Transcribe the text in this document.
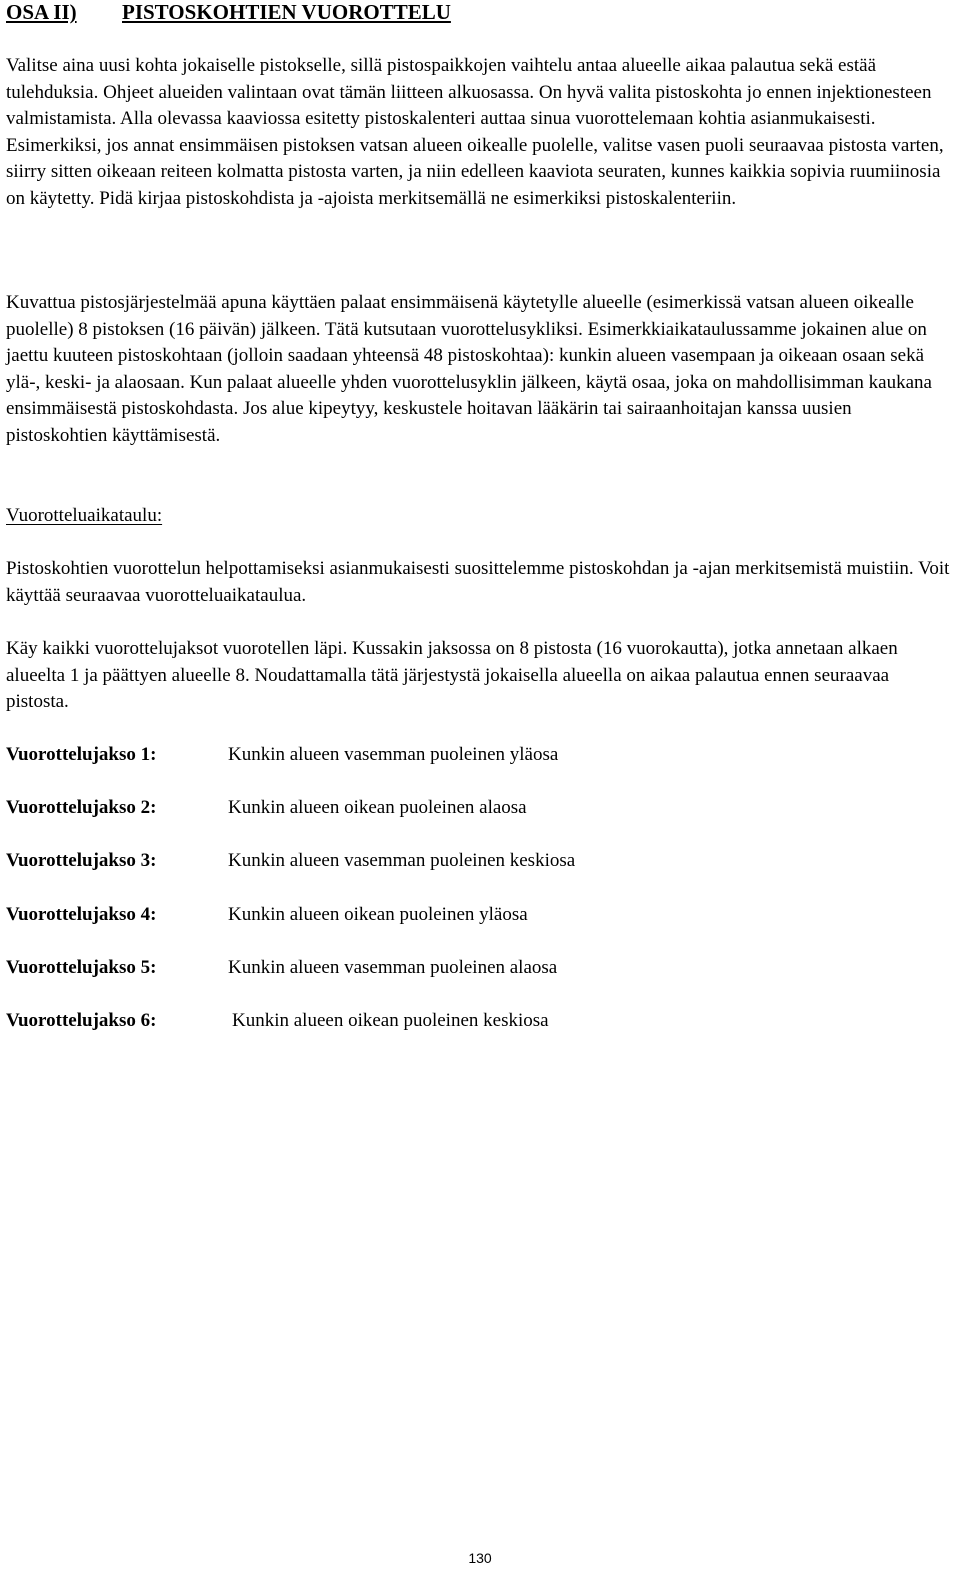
OSA II) PISTOSKOHTIEN VUOROTTELU

Valitse aina uusi kohta jokaiselle pistokselle, sillä pistospaikkojen vaihtelu antaa alueelle aikaa palautua sekä estää tulehduksia. Ohjeet alueiden valintaan ovat tämän liitteen alkuosassa. On hyvä valita pistoskohta jo ennen injektionesteen valmistamista. Alla olevassa kaaviossa esitetty pistoskalenteri auttaa sinua vuorottelemaan kohtia asianmukaisesti. Esimerkiksi, jos annat ensimmäisen pistoksen vatsan alueen oikealle puolelle, valitse vasen puoli seuraavaa pistosta varten, siirry sitten oikeaan reiteen kolmatta pistosta varten, ja niin edelleen kaaviota seuraten, kunnes kaikkia sopivia ruumiinosia on käytetty. Pidä kirjaa pistoskohdista ja -ajoista merkitsemällä ne esimerkiksi pistoskalenteriin.

Kuvattua pistosjärjestelmää apuna käyttäen palaat ensimmäisenä käytetylle alueelle (esimerkissä vatsan alueen oikealle puolelle) 8 pistoksen (16 päivän) jälkeen. Tätä kutsutaan vuorottelusykliksi. Esimerkkiaikataulussamme jokainen alue on jaettu kuuteen pistoskohtaan (jolloin saadaan yhteensä 48 pistoskohtaa): kunkin alueen vasempaan ja oikeaan osaan sekä ylä-, keski- ja alaosaan. Kun palaat alueelle yhden vuorottelusyklin jälkeen, käytä osaa, joka on mahdollisimman kaukana ensimmäisestä pistoskohdasta. Jos alue kipeytyy, keskustele hoitavan lääkärin tai sairaanhoitajan kanssa uusien pistoskohtien käyttämisestä.

Vuorotteluaikataulu:

Pistoskohtien vuorottelun helpottamiseksi asianmukaisesti suosittelemme pistoskohdan ja -ajan merkitsemistä muistiin. Voit käyttää seuraavaa vuorotteluaikataulua.

Käy kaikki vuorottelujaksot vuorotellen läpi. Kussakin jaksossa on 8 pistosta (16 vuorokautta), jotka annetaan alkaen alueelta 1 ja päättyen alueelle 8. Noudattamalla tätä järjestystä jokaisella alueella on aikaa palautua ennen seuraavaa pistosta.

Vuorottelujakso 1:	Kunkin alueen vasemman puoleinen yläosa
Vuorottelujakso 2:	Kunkin alueen oikean puoleinen alaosa
Vuorottelujakso 3:	Kunkin alueen vasemman puoleinen keskiosa
Vuorottelujakso 4:	Kunkin alueen oikean puoleinen yläosa
Vuorottelujakso 5:	Kunkin alueen vasemman puoleinen alaosa
Vuorottelujakso 6:	Kunkin alueen oikean puoleinen keskiosa
130
